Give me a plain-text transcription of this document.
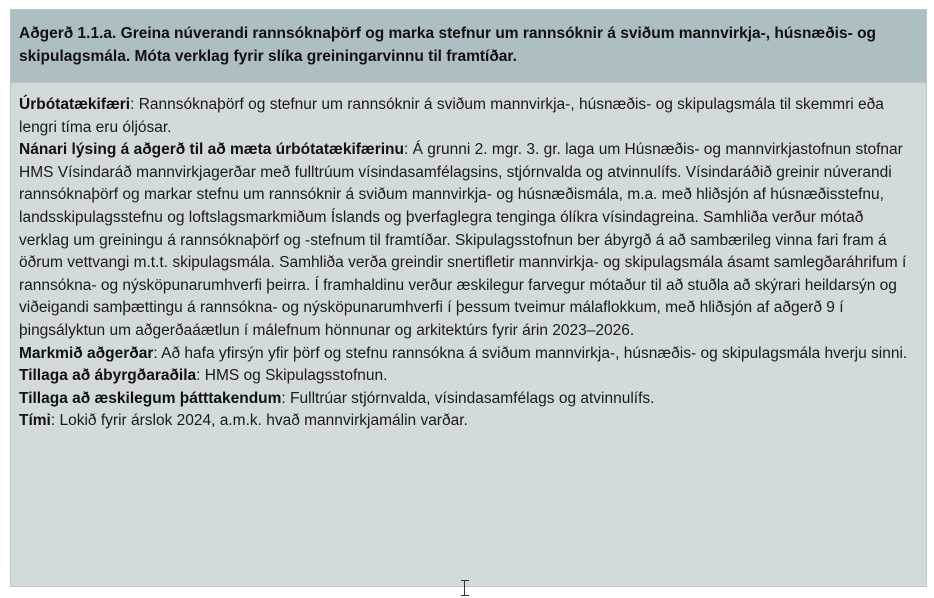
Aðgerð 1.1.a. Greina núverandi rannsóknaþörf og marka stefnur um rannsóknir á sviðum mannvirkja-, húsnæðis- og skipulagsmála. Móta verklag fyrir slíka greiningarvinnu til framtíðar.

Úrbótatækifæri: Rannsóknaþörf og stefnur um rannsóknir á sviðum mannvirkja-, húsnæðis- og skipulagsmála til skemmri eða lengri tíma eru óljósar.

Nánari lýsing á aðgerð til að mæta úrbótatækifærinu: Á grunni 2. mgr. 3. gr. laga um Húsnæðis- og mannvirkjastofnun stofnar HMS Vísindaráð mannvirkjagerðar með fulltrúum vísindasamfélagsins, stjórnvalda og atvinnulífs. Vísindaráðið greinir núverandi rannsóknaþörf og markar stefnu um rannsóknir á sviðum mannvirkja- og húsnæðismála, m.a. með hliðsjón af húsnæðisstefnu, landsskipulagsstefnu og loftslagsmarkmiðum Íslands og þverfaglegra tenginga ólíkra vísindagreina. Samhliða verður mótað verklag um greiningu á rannsóknaþörf og -stefnum til framtíðar. Skipulagsstofnun ber ábyrgð á að sambærileg vinna fari fram á öðrum vettvangi m.t.t. skipulagsmála. Samhliða verða greindir snertifletir mannvirkja- og skipulagsmála ásamt samlegðaráhrifum í rannsókna- og nýsköpunarumhverfi þeirra. Í framhaldinu verður æskilegur farvegur mótaður til að stuðla að skýrari heildarsýn og viðeigandi samþættingu á rannsókna- og nýsköpunarumhverfi í þessum tveimur málaflokkum, með hliðsjón af aðgerð 9 í þingsályktun um aðgerðaáætlun í málefnum hönnunar og arkitektúrs fyrir árin 2023–2026.

Markmið aðgerðar: Að hafa yfirsýn yfir þörf og stefnu rannsókna á sviðum mannvirkja-, húsnæðis- og skipulagsmála hverju sinni.

Tillaga að ábyrgðaraðila: HMS og Skipulagsstofnun.

Tillaga að æskilegum þátttakendum: Fulltrúar stjórnvalda, vísindasamfélags og atvinnulífs.

Tími: Lokið fyrir árslok 2024, a.m.k. hvað mannvirkjamálin varðar.
